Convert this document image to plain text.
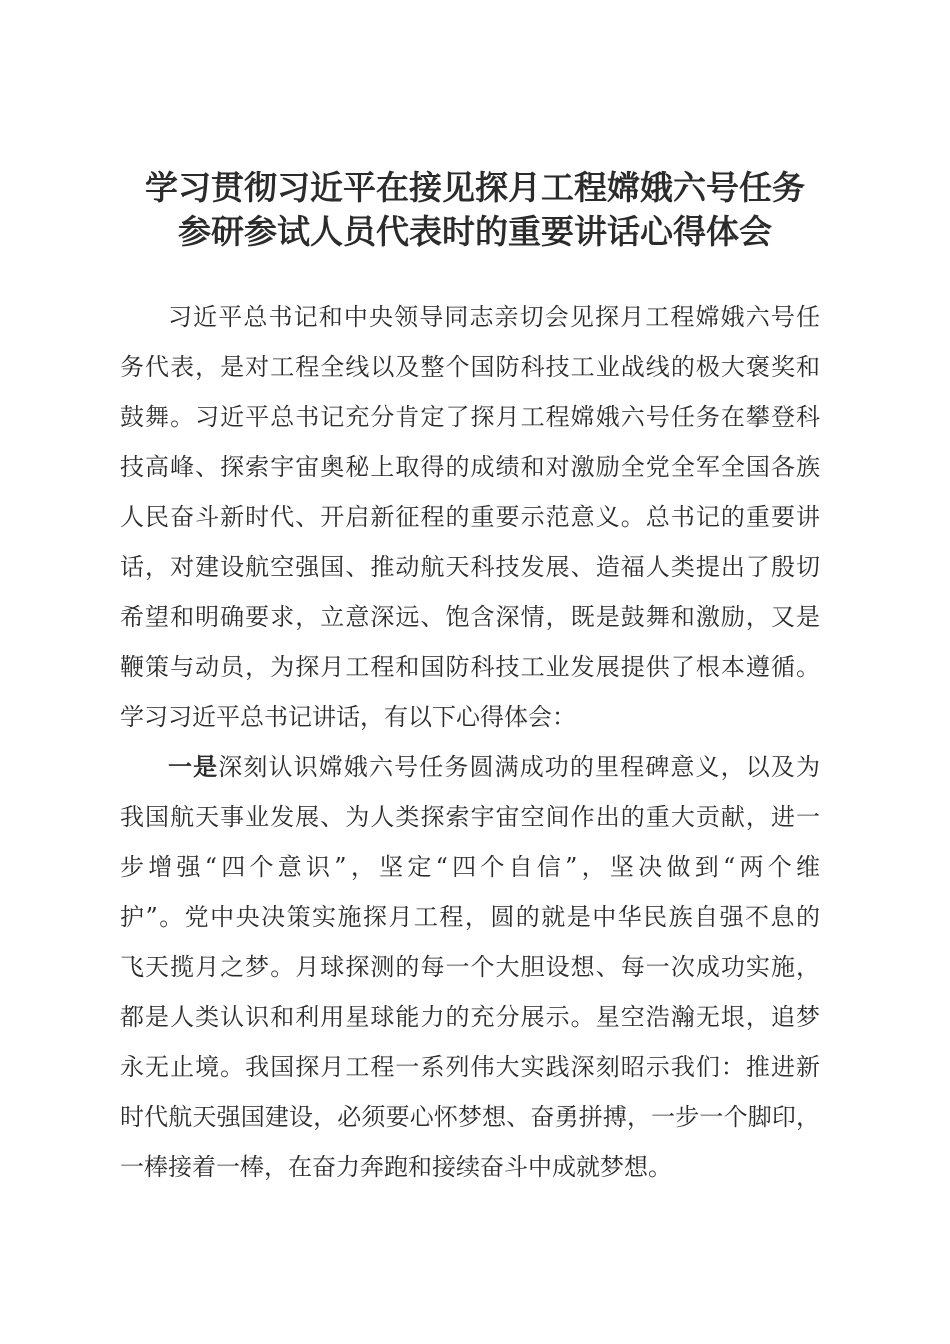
学习贯彻习近平在接见探月工程嫦娥六号任务
参研参试人员代表时的重要讲话心得体会
习近平总书记和中央领导同志亲切会见探月工程嫦娥六号任
务代表，是对工程全线以及整个国防科技工业战线的极大褒奖和
鼓舞。习近平总书记充分肯定了探月工程嫦娥六号任务在攀登科
技高峰、探索宇宙奥秘上取得的成绩和对激励全党全军全国各族
人民奋斗新时代、开启新征程的重要示范意义。总书记的重要讲
话，对建设航空强国、推动航天科技发展、造福人类提出了殷切
希望和明确要求，立意深远、饱含深情，既是鼓舞和激励，又是
鞭策与动员，为探月工程和国防科技工业发展提供了根本遵循。
学习习近平总书记讲话，有以下心得体会：
一是深刻认识嫦娥六号任务圆满成功的里程碑意义，以及为
我国航天事业发展、为人类探索宇宙空间作出的重大贡献，进一
步增强“四个意识”，坚定“四个自信”，坚决做到“两个维
护”。党中央决策实施探月工程，圆的就是中华民族自强不息的
飞天揽月之梦。月球探测的每一个大胆设想、每一次成功实施，
都是人类认识和利用星球能力的充分展示。星空浩瀚无垠，追梦
永无止境。我国探月工程一系列伟大实践深刻昭示我们：推进新
时代航天强国建设，必须要心怀梦想、奋勇拼搏，一步一个脚印，
一棒接着一棒，在奋力奔跑和接续奋斗中成就梦想。
